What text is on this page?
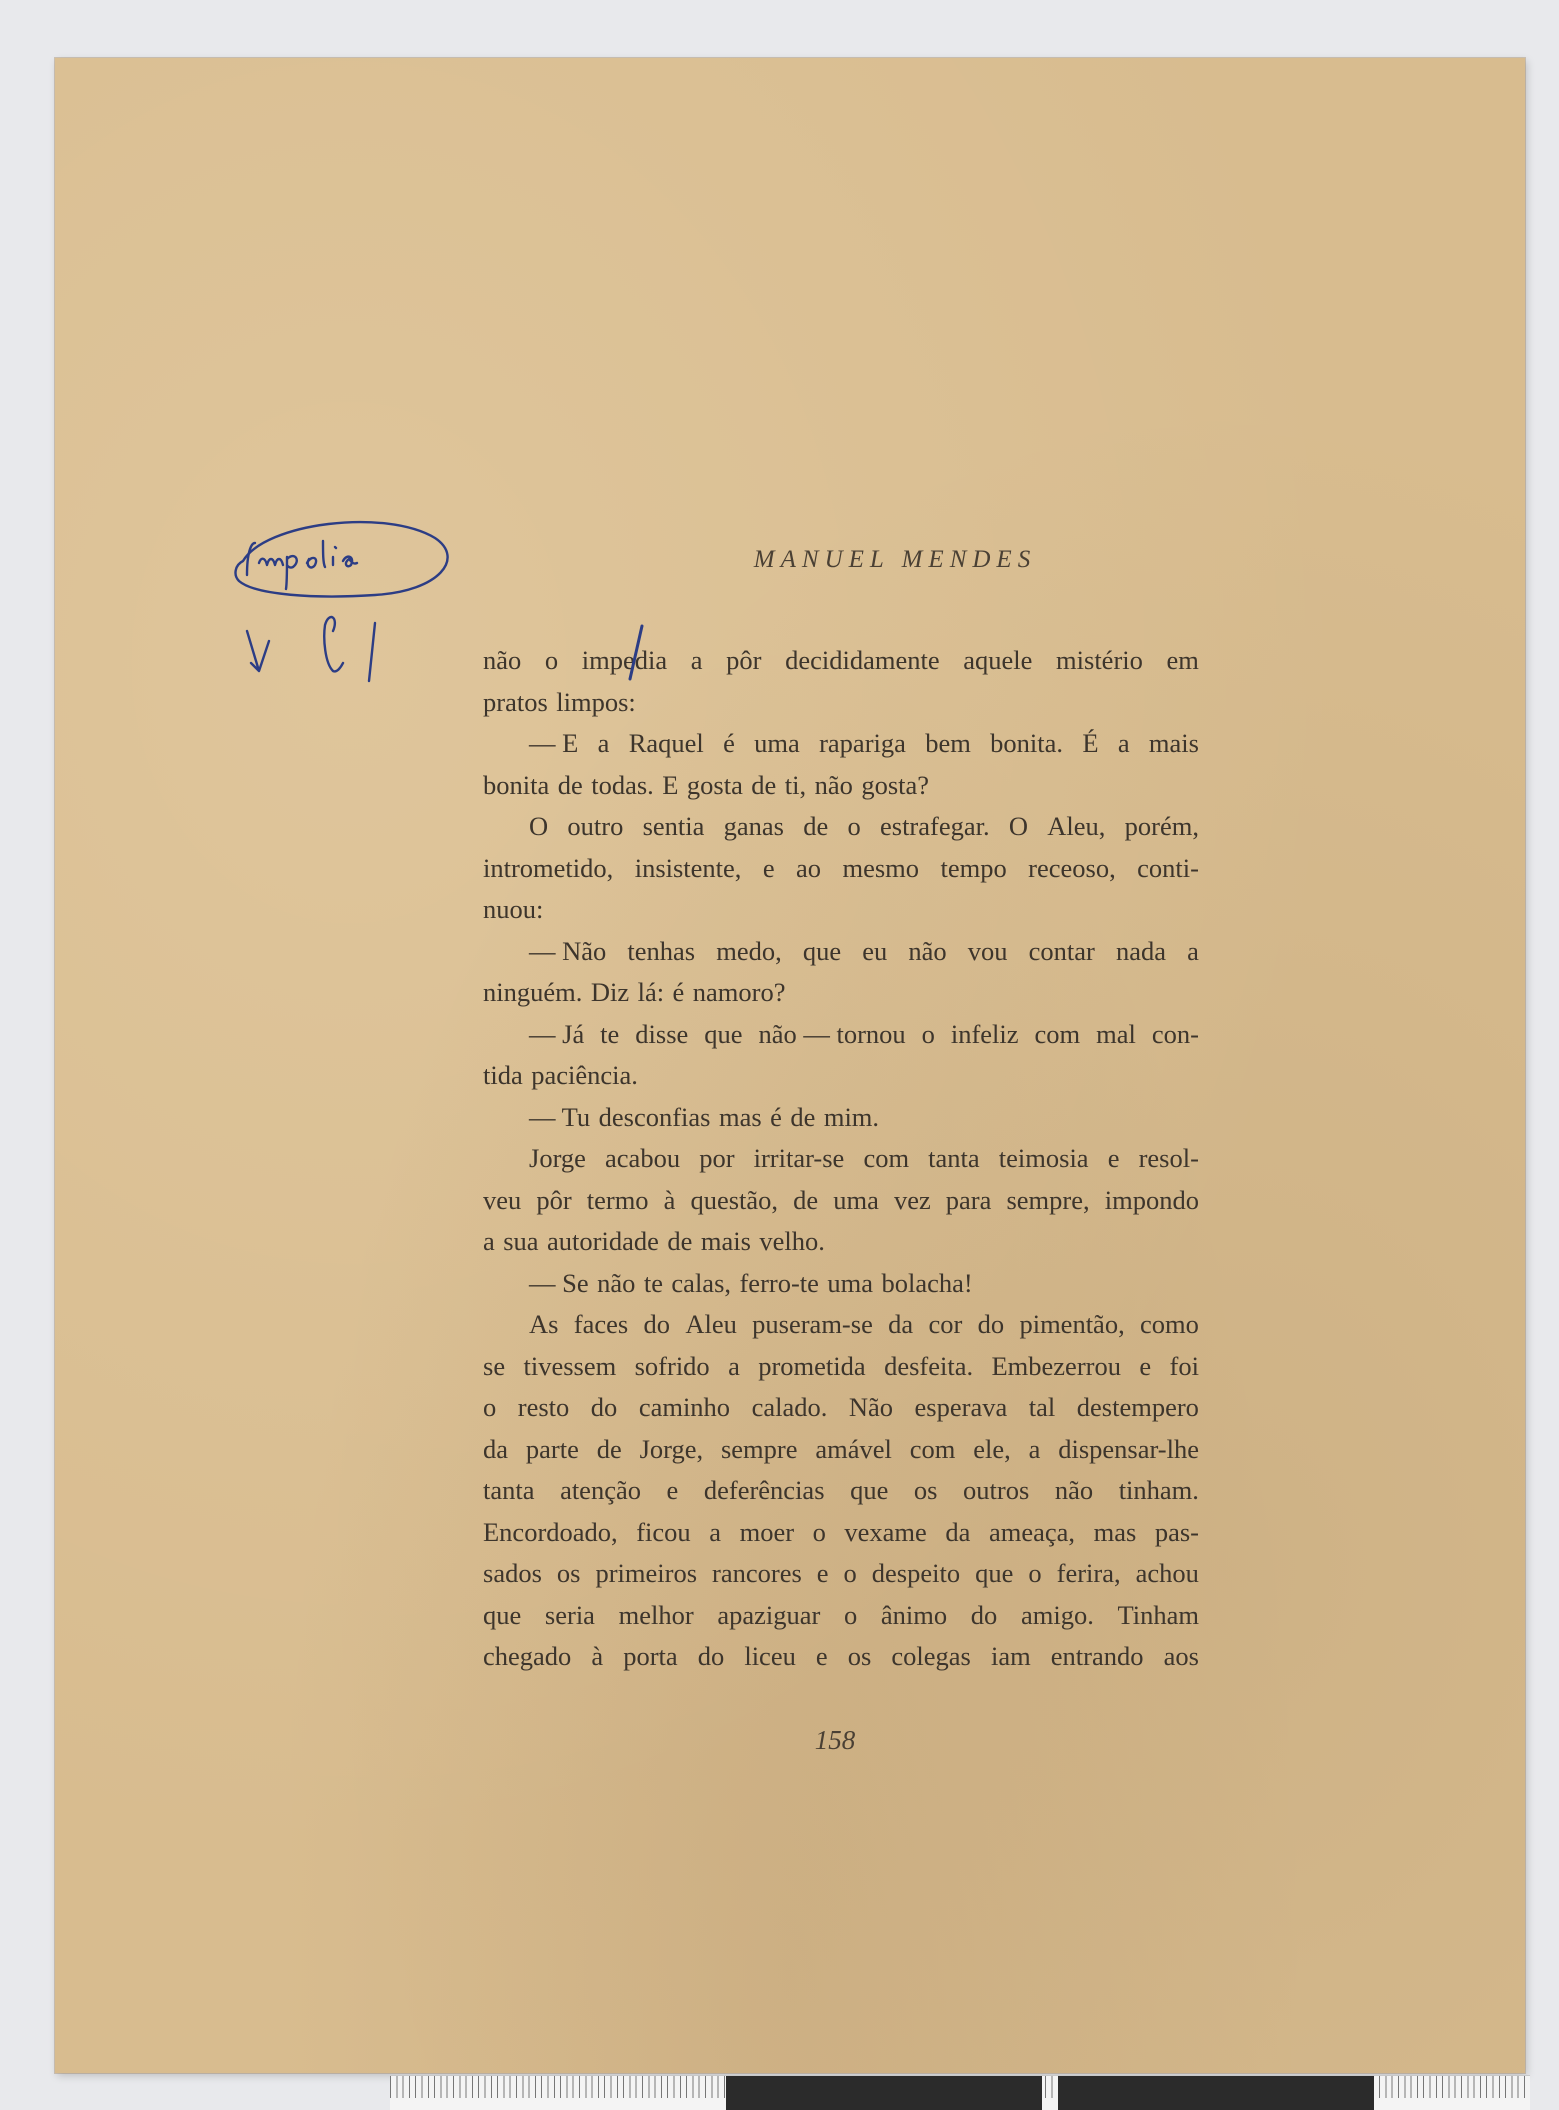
MANUEL MENDES
não o impedia a pôr decididamente aquele mistério em
pratos limpos:
— E a Raquel é uma rapariga bem bonita. É a mais
bonita de todas. E gosta de ti, não gosta?
O outro sentia ganas de o estrafegar. O Aleu, porém,
intrometido, insistente, e ao mesmo tempo receoso, conti-
nuou:
— Não tenhas medo, que eu não vou contar nada a
ninguém. Diz lá: é namoro?
— Já te disse que não — tornou o infeliz com mal con-
tida paciência.
— Tu desconfias mas é de mim.
Jorge acabou por irritar-se com tanta teimosia e resol-
veu pôr termo à questão, de uma vez para sempre, impondo
a sua autoridade de mais velho.
— Se não te calas, ferro-te uma bolacha!
As faces do Aleu puseram-se da cor do pimentão, como
se tivessem sofrido a prometida desfeita. Embezerrou e foi
o resto do caminho calado. Não esperava tal destempero
da parte de Jorge, sempre amável com ele, a dispensar-lhe
tanta atenção e deferências que os outros não tinham.
Encordoado, ficou a moer o vexame da ameaça, mas pas-
sados os primeiros rancores e o despeito que o ferira, achou
que seria melhor apaziguar o ânimo do amigo. Tinham
chegado à porta do liceu e os colegas iam entrando aos
158
